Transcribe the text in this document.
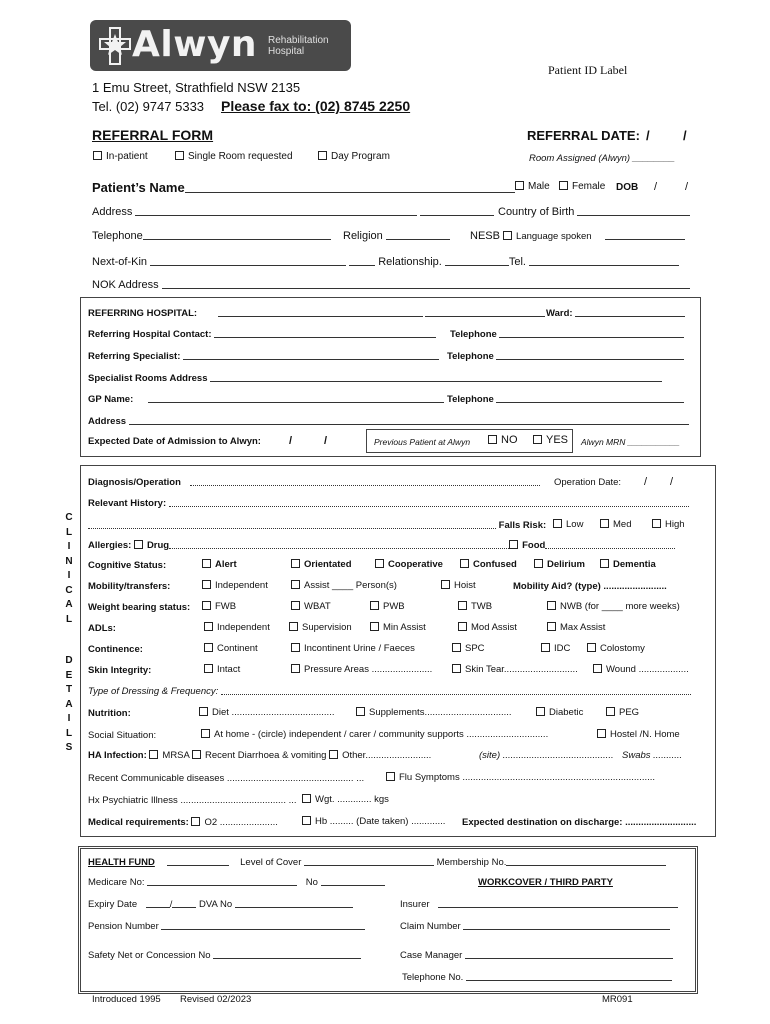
Alwyn Rehabilitation
Hospital
Patient ID Label
1 Emu Street, Strathfield NSW 2135
Tel. (02) 9747 5333 Please fax to: (02) 8745 2250
REFERRAL FORM	REFERRAL DATE: /	/
In-patient	Single Room requested	Day Program	Room Assigned (Alwyn) ________
Patient’s Name	Male	Female DOB /	/
Address	Country of Birth
Telephone	Religion	NESB Language spoken
Next-of-Kin	Relationship.	Tel.
NOK Address
REFERRING HOSPITAL:	Ward:
Referring Hospital Contact:	Telephone
Referring Specialist:	Telephone
Specialist Rooms Address
GP Name:	Telephone
Address
Expected Date of Admission to Alwyn:	/	/	Previous Patient at Alwyn	NO	YES Alwyn MRN ___________
C
L
I
N
I
C
A
L
D
E
T
A
I
L
S
Diagnosis/Operation	Operation Date: / /
Relevant History:
Falls Risk:	Low	Med	High
Allergies: Drug	Food
Cognitive Status:	Alert	Orientated	Cooperative	Confused	Delirium	Dementia
Mobility/transfers:	Independent	Assist ____ Person(s)	Hoist	Mobility Aid? (type) ........................
Weight bearing status:	FWB	WBAT	PWB	TWB	NWB (for ____ more weeks)
ADLs:	Independent	Supervision	Min Assist	Mod Assist	Max Assist
Continence:	Continent	Incontinent Urine / Faeces	SPC	IDC	Colostomy
Skin Integrity:	Intact	Pressure Areas .......................	Skin Tear............................	Wound ...................
Type of Dressing & Frequency:
Nutrition:	Diet .......................................	Supplements.................................	Diabetic	PEG
Social Situation:	At home - (circle) independent / carer / community supports ...............................	Hostel /N. Home
HA Infection: MRSA Recent Diarrhoea & vomiting Other.........................	(site) .......................................... Swabs ...........
Recent Communicable diseases ................................................ ...	Flu Symptoms .........................................................................
Hx Psychiatric Illness ........................................ ...	Wgt. ............. kgs
Medical requirements: O2 ......................	Hb ......... (Date taken) ............. Expected destination on discharge: ...........................
HEALTH FUND	Level of Cover	Membership No.
Medicare No:	No	WORKCOVER / THIRD PARTY
Expiry Date	/	DVA No	Insurer
Pension Number	Claim Number
Safety Net or Concession No	Case Manager
Telephone No.
Introduced 1995 Revised 02/2023	MR091
